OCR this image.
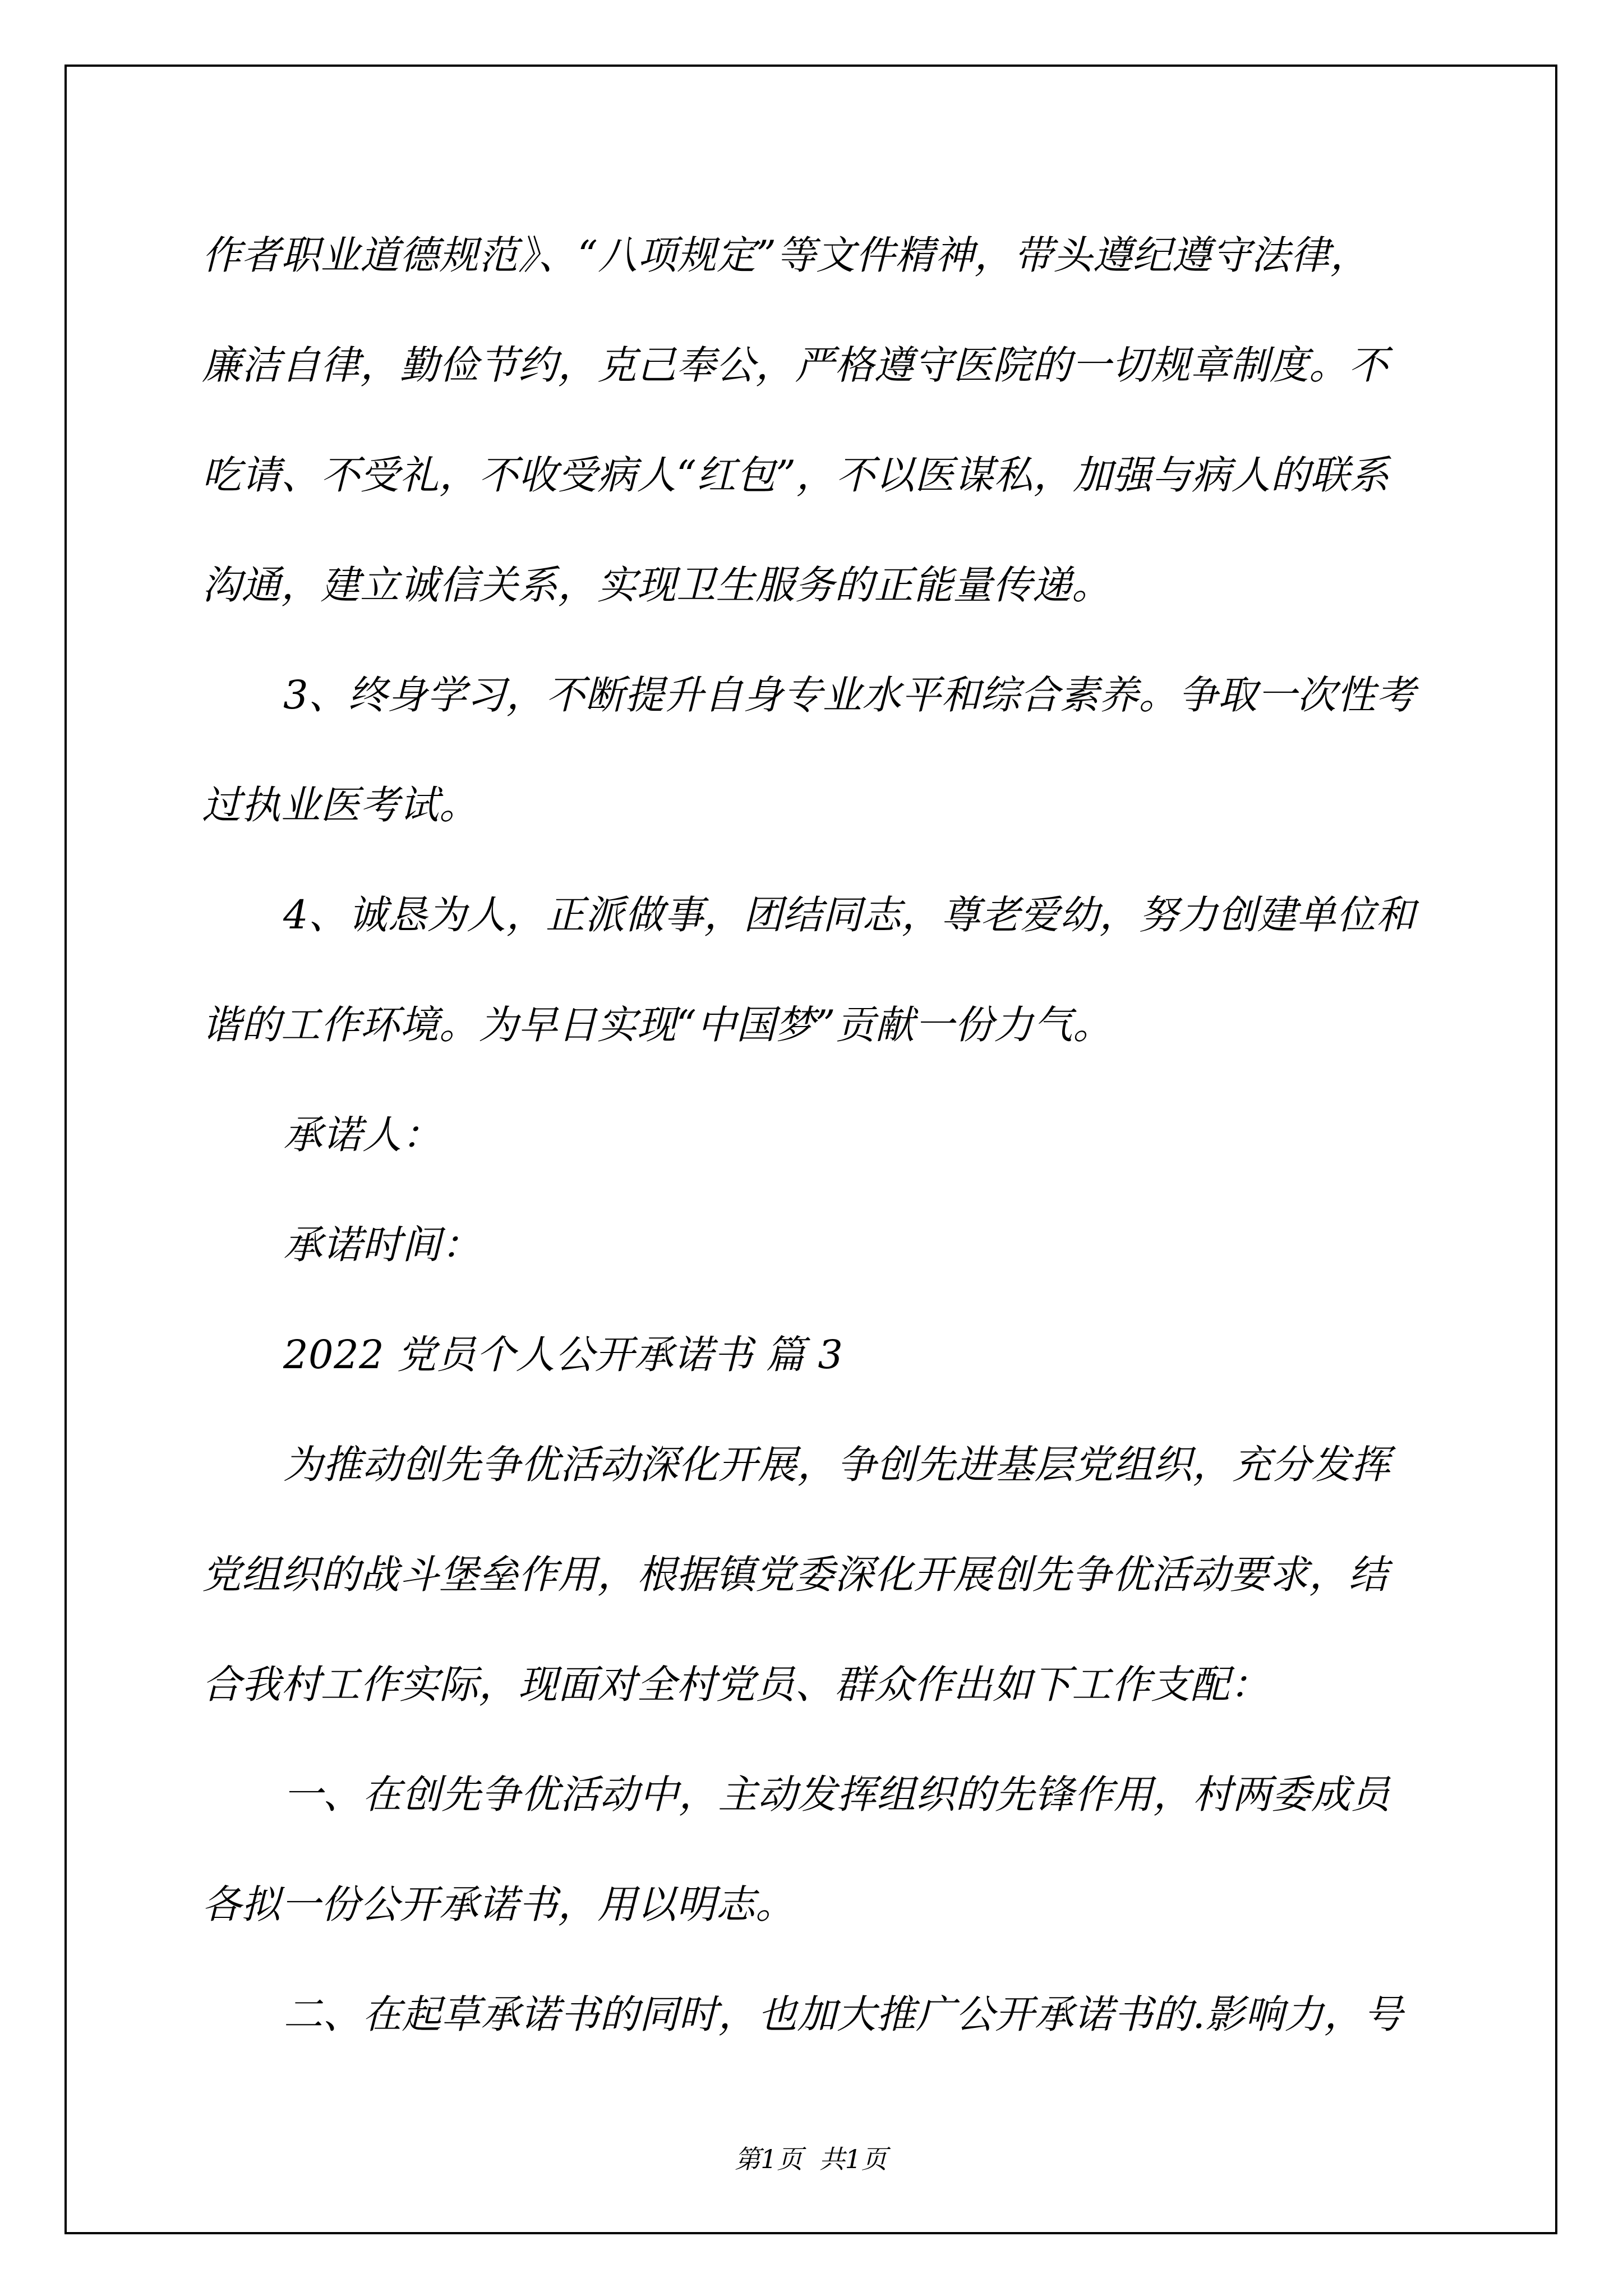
作者职业道德规范》、“八项规定”等文件精神，带头遵纪遵守法律，
廉洁自律，勤俭节约，克己奉公，严格遵守医院的一切规章制度。不
吃请、不受礼，不收受病人“红包”，不以医谋私，加强与病人的联系
沟通，建立诚信关系，实现卫生服务的正能量传递。
3、终身学习，不断提升自身专业水平和综合素养。争取一次性考
过执业医考试。
4、诚恳为人，正派做事，团结同志，尊老爱幼，努力创建单位和
谐的工作环境。为早日实现“中国梦”贡献一份力气。
承诺人：
承诺时间：
2022 党员个人公开承诺书 篇 3
为推动创先争优活动深化开展，争创先进基层党组织，充分发挥
党组织的战斗堡垒作用，根据镇党委深化开展创先争优活动要求，结
合我村工作实际，现面对全村党员、群众作出如下工作支配：
一、在创先争优活动中，主动发挥组织的先锋作用，村两委成员
各拟一份公开承诺书，用以明志。
二、在起草承诺书的同时，也加大推广公开承诺书的.影响力，号
第1页  共1页
